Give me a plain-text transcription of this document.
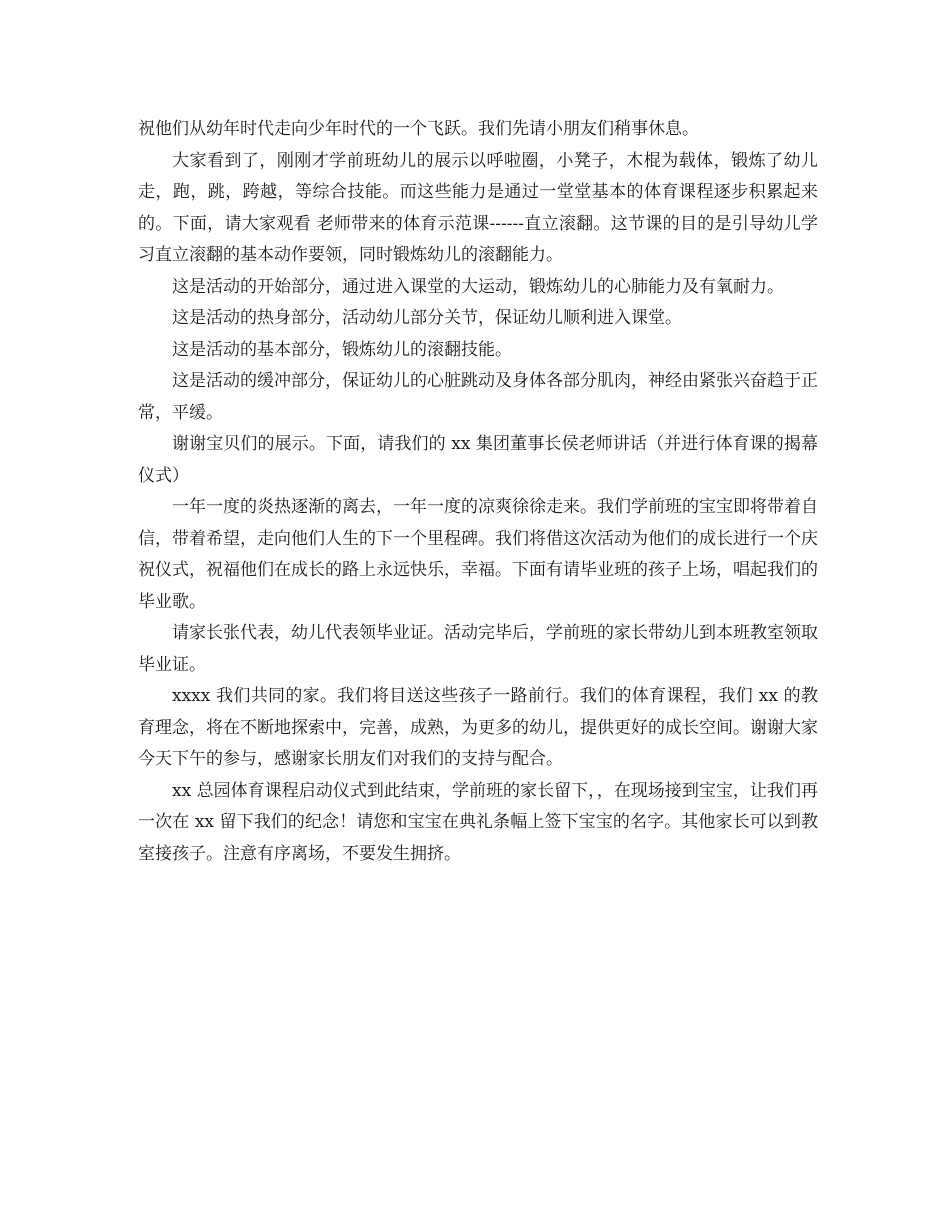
祝他们从幼年时代走向少年时代的一个飞跃。我们先请小朋友们稍事休息。

大家看到了，刚刚才学前班幼儿的展示以呼啦圈，小凳子，木棍为载体，锻炼了幼儿走，跑，跳，跨越，等综合技能。而这些能力是通过一堂堂基本的体育课程逐步积累起来的。下面，请大家观看 老师带来的体育示范课------直立滚翻。这节课的目的是引导幼儿学习直立滚翻的基本动作要领，同时锻炼幼儿的滚翻能力。

这是活动的开始部分，通过进入课堂的大运动，锻炼幼儿的心肺能力及有氧耐力。

这是活动的热身部分，活动幼儿部分关节，保证幼儿顺利进入课堂。

这是活动的基本部分，锻炼幼儿的滚翻技能。

这是活动的缓冲部分，保证幼儿的心脏跳动及身体各部分肌肉，神经由紧张兴奋趋于正常，平缓。

谢谢宝贝们的展示。下面，请我们的 xx 集团董事长侯老师讲话（并进行体育课的揭幕仪式）

一年一度的炎热逐渐的离去，一年一度的凉爽徐徐走来。我们学前班的宝宝即将带着自信，带着希望，走向他们人生的下一个里程碑。我们将借这次活动为他们的成长进行一个庆祝仪式，祝福他们在成长的路上永远快乐，幸福。下面有请毕业班的孩子上场，唱起我们的毕业歌。

请家长张代表，幼儿代表领毕业证。活动完毕后，学前班的家长带幼儿到本班教室领取毕业证。

xxxx 我们共同的家。我们将目送这些孩子一路前行。我们的体育课程，我们 xx 的教育理念，将在不断地探索中，完善，成熟，为更多的幼儿，提供更好的成长空间。谢谢大家今天下午的参与，感谢家长朋友们对我们的支持与配合。

xx 总园体育课程启动仪式到此结束，学前班的家长留下，，在现场接到宝宝，让我们再一次在 xx 留下我们的纪念！请您和宝宝在典礼条幅上签下宝宝的名字。其他家长可以到教室接孩子。注意有序离场，不要发生拥挤。
